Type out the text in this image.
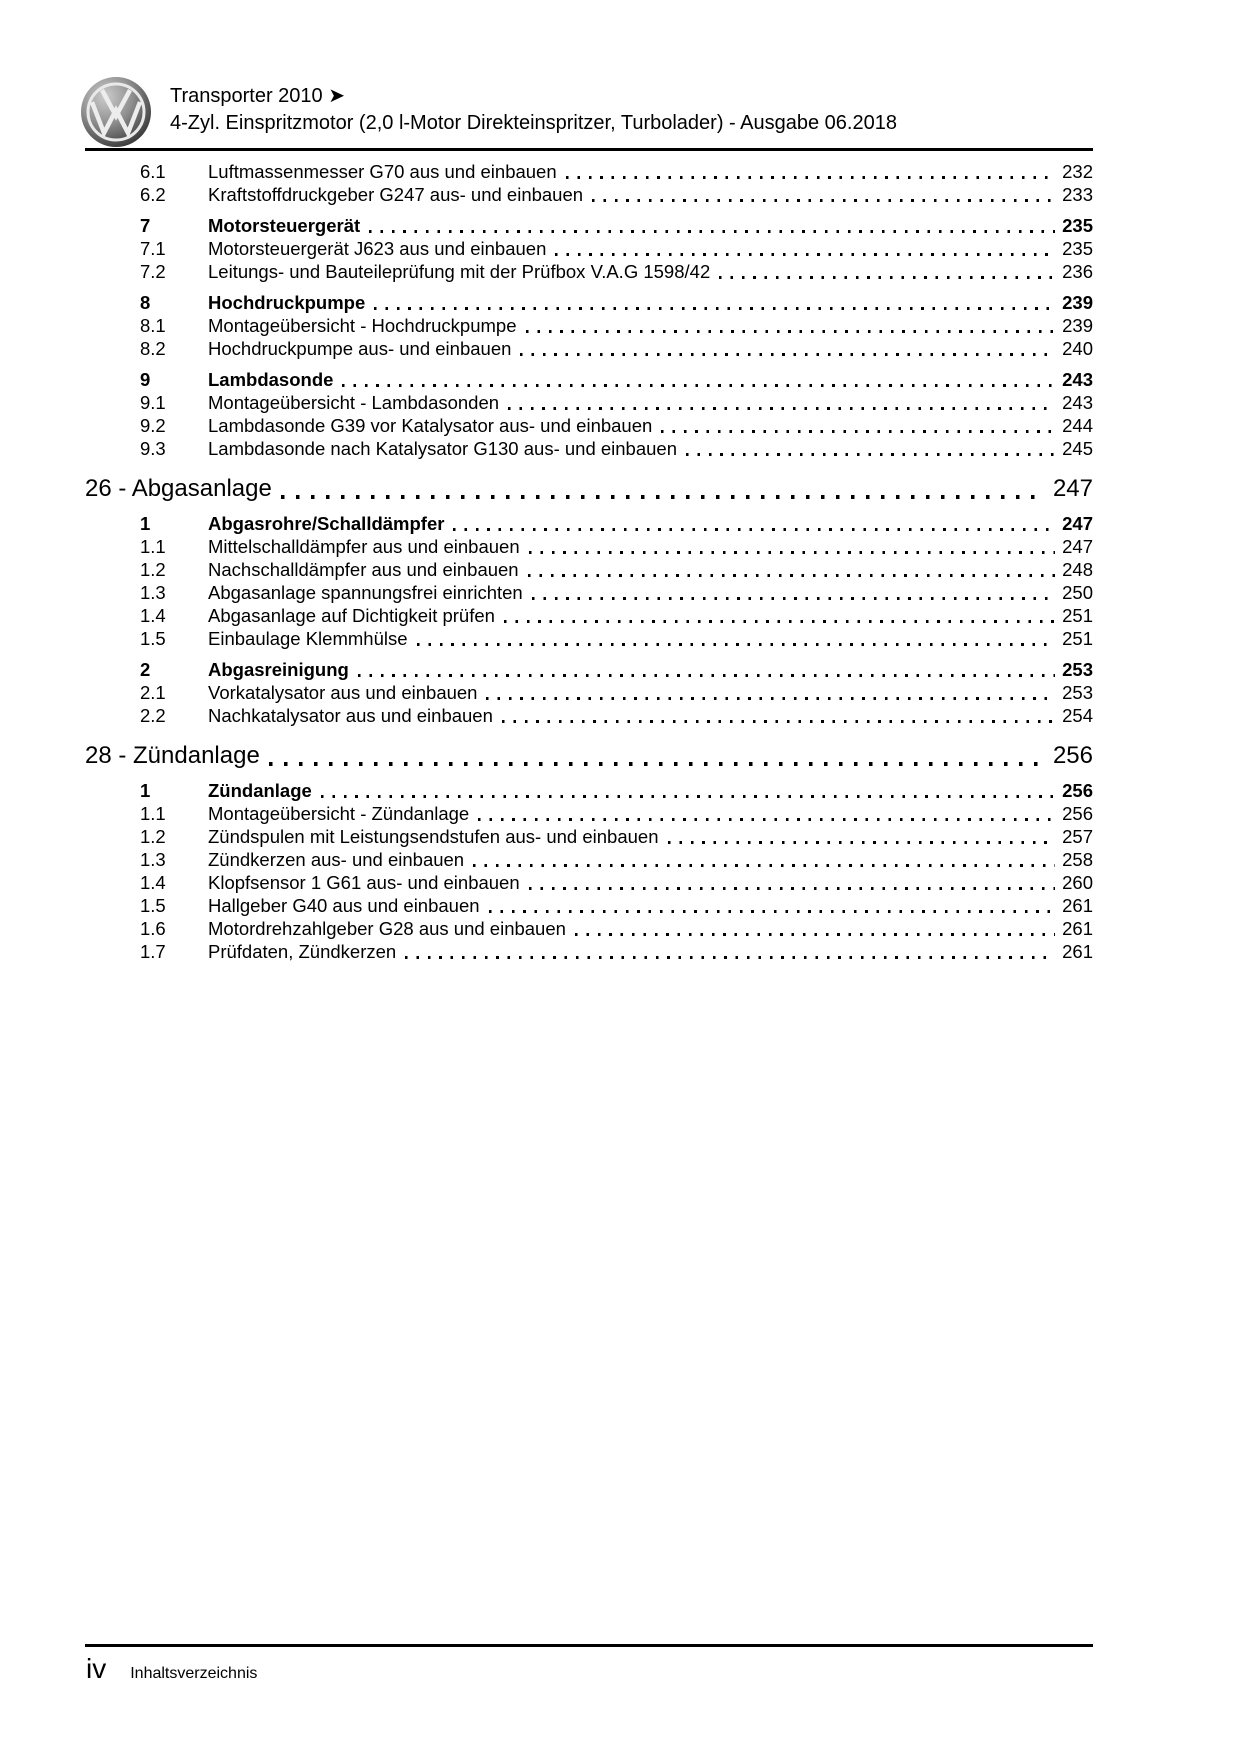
Transporter 2010 ➤
4-Zyl. Einspritzmotor (2,0 l-Motor Direkteinspritzer, Turbolader) - Ausgabe 06.2018
6.1	Luftmassenmesser G70 aus und einbauen	232
6.2	Kraftstoffdruckgeber G247 aus- und einbauen	233
7	Motorsteuergerät	235
7.1	Motorsteuergerät J623 aus und einbauen	235
7.2	Leitungs- und Bauteileprüfung mit der Prüfbox V.A.G 1598/42	236
8	Hochdruckpumpe	239
8.1	Montageübersicht - Hochdruckpumpe	239
8.2	Hochdruckpumpe aus- und einbauen	240
9	Lambdasonde	243
9.1	Montageübersicht - Lambdasonden	243
9.2	Lambdasonde G39 vor Katalysator aus- und einbauen	244
9.3	Lambdasonde nach Katalysator G130 aus- und einbauen	245
26 - Abgasanlage	247
1	Abgasrohre/Schalldämpfer	247
1.1	Mittelschalldämpfer aus und einbauen	247
1.2	Nachschalldämpfer aus und einbauen	248
1.3	Abgasanlage spannungsfrei einrichten	250
1.4	Abgasanlage auf Dichtigkeit prüfen	251
1.5	Einbaulage Klemmhülse	251
2	Abgasreinigung	253
2.1	Vorkatalysator aus und einbauen	253
2.2	Nachkatalysator aus und einbauen	254
28 - Zündanlage	256
1	Zündanlage	256
1.1	Montageübersicht - Zündanlage	256
1.2	Zündspulen mit Leistungsendstufen aus- und einbauen	257
1.3	Zündkerzen aus- und einbauen	258
1.4	Klopfsensor 1 G61 aus- und einbauen	260
1.5	Hallgeber G40 aus und einbauen	261
1.6	Motordrehzahlgeber G28 aus und einbauen	261
1.7	Prüfdaten, Zündkerzen	261
iv Inhaltsverzeichnis
